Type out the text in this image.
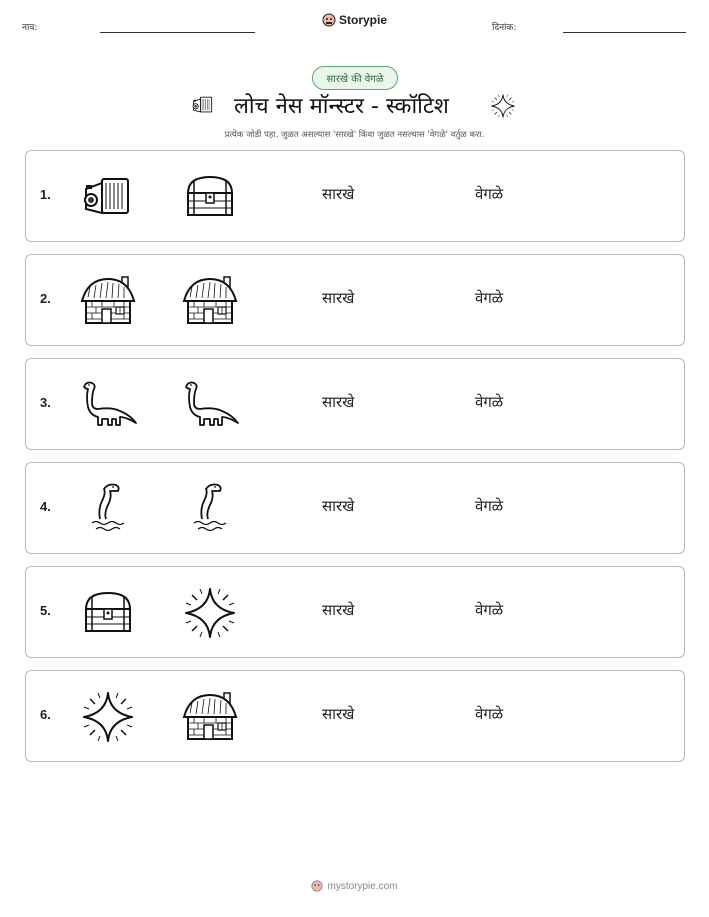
नाव:
Storypie
दिनांक:
सारखे की वेगळे
लोच नेस मॉन्स्टर - स्कॉटिश
प्रत्येक जोडी पहा. जुळत असल्यास 'सारखे' किंवा जुळत नसल्यास 'वेगळे' वर्तुळ करा.
1.	सारखे	वेगळे
2.	सारखे	वेगळे
3.	सारखे	वेगळे
4.	सारखे	वेगळे
5.	सारखे	वेगळे
6.	सारखे	वेगळे
mystorypie.com
